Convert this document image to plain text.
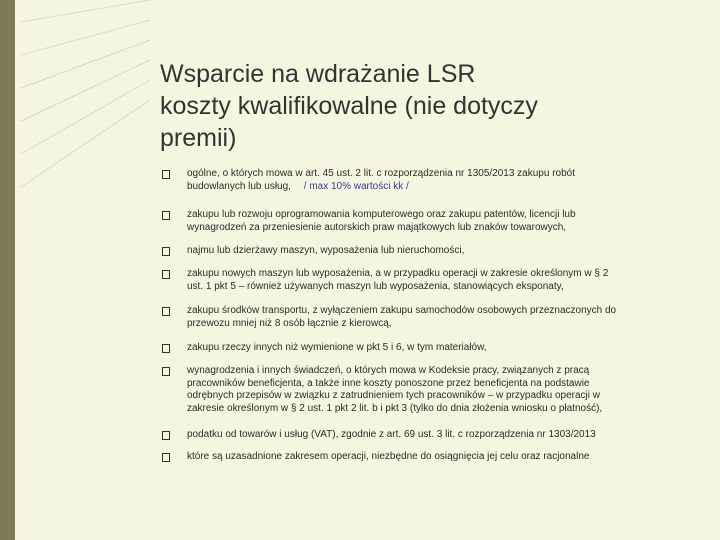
Wsparcie na wdrażanie LSR
koszty kwalifikowalne (nie dotyczy
premii)
ogólne, o których mowa w art. 45 ust. 2 lit. c rozporządzenia nr 1305/2013 zakupu robót
budowlanych lub usług, / max 10% wartości kk /
zakupu lub rozwoju oprogramowania komputerowego oraz zakupu patentów, licencji lub
wynagrodzeń za przeniesienie autorskich praw majątkowych lub znaków towarowych,
najmu lub dzierżawy maszyn, wyposażenia lub nieruchomości,
zakupu nowych maszyn lub wyposażenia, a w przypadku operacji w zakresie określonym w § 2
ust. 1 pkt 5 – również używanych maszyn lub wyposażenia, stanowiących eksponaty,
zakupu środków transportu, z wyłączeniem zakupu samochodów osobowych przeznaczonych do
przewozu mniej niż 8 osób łącznie z kierowcą,
zakupu rzeczy innych niż wymienione w pkt 5 i 6, w tym materiałów,
wynagrodzenia i innych świadczeń, o których mowa w Kodeksie pracy, związanych z pracą
pracowników beneficjenta, a także inne koszty ponoszone przez beneficjenta na podstawie
odrębnych przepisów w związku z zatrudnieniem tych pracowników – w przypadku operacji w
zakresie określonym w § 2 ust. 1 pkt 2 lit. b i pkt 3 (tylko do dnia złożenia wniosku o płatność),
podatku od towarów i usług (VAT), zgodnie z art. 69 ust. 3 lit. c rozporządzenia nr 1303/2013
które są uzasadnione zakresem operacji, niezbędne do osiągnięcia jej celu oraz racjonalne
